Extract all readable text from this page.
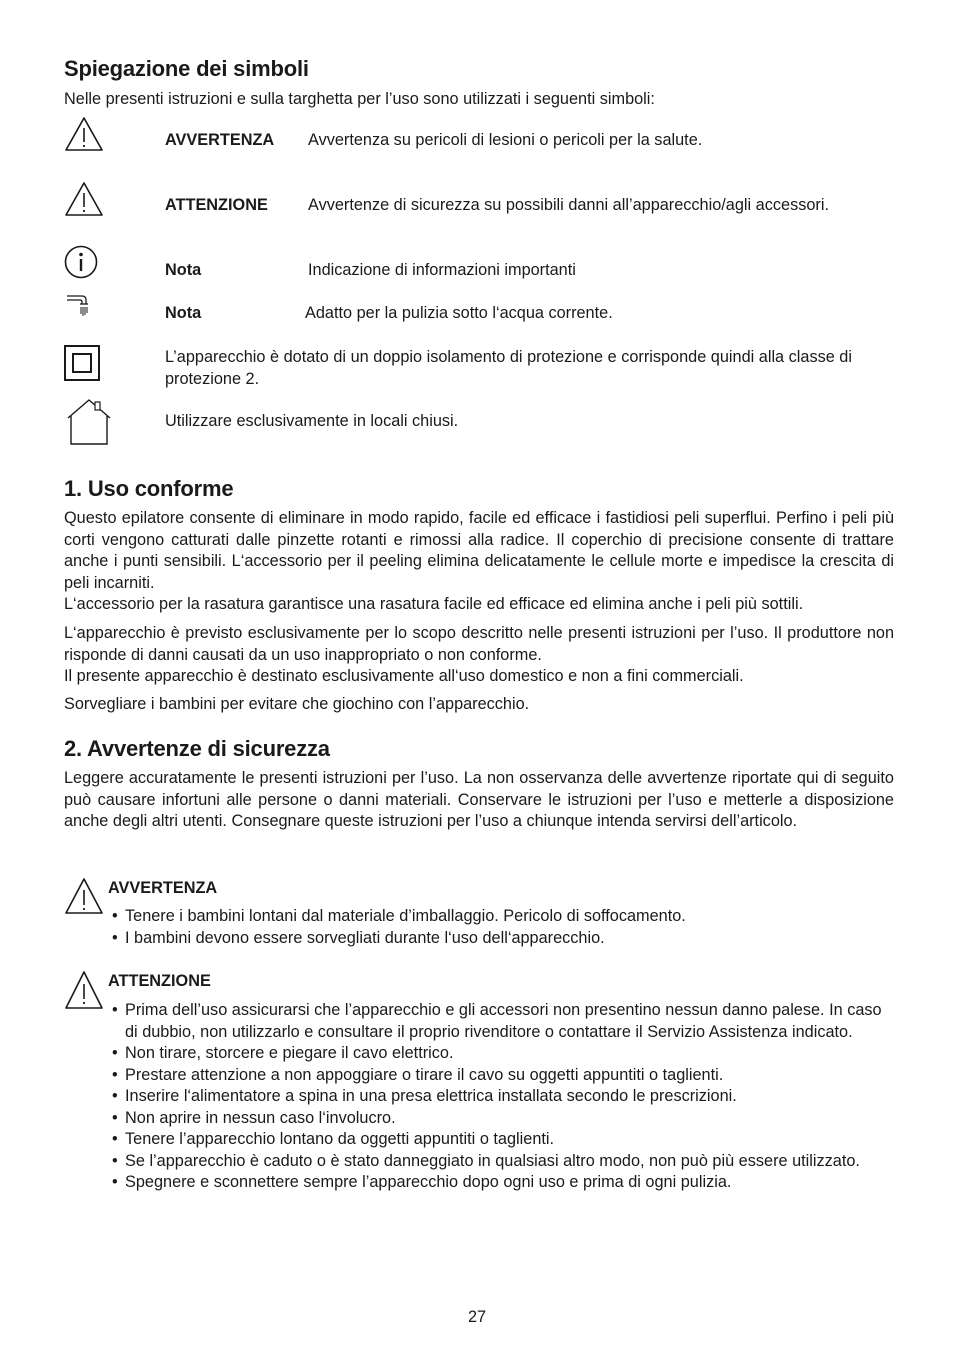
Spiegazione dei simboli

Nelle presenti istruzioni e sulla targhetta per l’uso sono utilizzati i seguenti simboli:

AVVERTENZA Avvertenza su pericoli di lesioni o pericoli per la salute.
ATTENZIONE Avvertenze di sicurezza su possibili danni all’apparecchio/agli accessori.
Nota	Indicazione di informazioni importanti
Nota	Adatto per la pulizia sotto l‘acqua corrente.

L’apparecchio è dotato di un doppio isolamento di protezione e corrisponde quindi alla classe di protezione 2.

Utilizzare esclusivamente in locali chiusi.
1. Uso conforme

Questo epilatore consente di eliminare in modo rapido, facile ed efficace i fastidiosi peli superflui. Perfino i peli più corti vengono catturati dalle pinzette rotanti e rimossi alla radice. Il coperchio di precisione consente di trattare anche i punti sensibili. L‘accessorio per il peeling elimina delicatamente le cellule morte e impedisce la crescita di peli incarniti.

L‘accessorio per la rasatura garantisce una rasatura facile ed efficace ed elimina anche i peli più sottili.

L‘apparecchio è previsto esclusivamente per lo scopo descritto nelle presenti istruzioni per l’uso. Il produttore non risponde di danni causati da un uso inappropriato o non conforme.

Il presente apparecchio è destinato esclusivamente all‘uso domestico e non a fini commerciali.

Sorvegliare i bambini per evitare che giochino con l’apparecchio.

2. Avvertenze di sicurezza

Leggere accuratamente le presenti istruzioni per l’uso. La non osservanza delle avvertenze riportate qui di seguito può causare infortuni alle persone o danni materiali. Conservare le istruzioni per l’uso e metterle a disposizione anche degli altri utenti. Consegnare queste istruzioni per l’uso a chiunque intenda servirsi dell’articolo.

AVVERTENZA
• Tenere i bambini lontani dal materiale d’imballaggio. Pericolo di soffocamento.
• I bambini devono essere sorvegliati durante l‘uso dell‘apparecchio.
ATTENZIONE
• Prima dell’uso assicurarsi che l’apparecchio e gli accessori non presentino nessun danno palese. In caso di dubbio, non utilizzarlo e consultare il proprio rivenditore o contattare il Servizio Assistenza indicato.
• Non tirare, storcere e piegare il cavo elettrico.
• Prestare attenzione a non appoggiare o tirare il cavo su oggetti appuntiti o taglienti.
• Inserire l‘alimentatore a spina in una presa elettrica installata secondo le prescrizioni.
• Non aprire in nessun caso l‘involucro.
• Tenere l’apparecchio lontano da oggetti appuntiti o taglienti.
• Se l’apparecchio è caduto o è stato danneggiato in qualsiasi altro modo, non può più essere utilizzato.
• Spegnere e sconnettere sempre l’apparecchio dopo ogni uso e prima di ogni pulizia.
27
